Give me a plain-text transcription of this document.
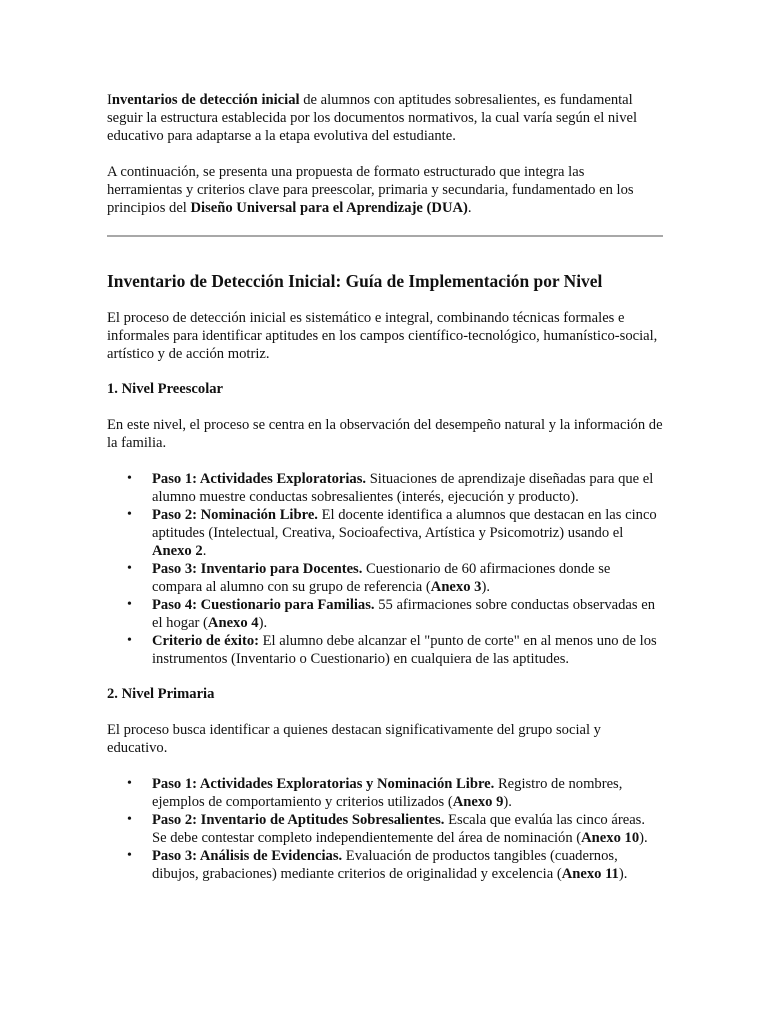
Inventarios de detección inicial de alumnos con aptitudes sobresalientes, es fundamental seguir la estructura establecida por los documentos normativos, la cual varía según el nivel educativo para adaptarse a la etapa evolutiva del estudiante.

A continuación, se presenta una propuesta de formato estructurado que integra las herramientas y criterios clave para preescolar, primaria y secundaria, fundamentado en los principios del Diseño Universal para el Aprendizaje (DUA).

Inventario de Detección Inicial: Guía de Implementación por Nivel

El proceso de detección inicial es sistemático e integral, combinando técnicas formales e informales para identificar aptitudes en los campos científico-tecnológico, humanístico-social, artístico y de acción motriz.

1. Nivel Preescolar

En este nivel, el proceso se centra en la observación del desempeño natural y la información de la familia.

• Paso 1: Actividades Exploratorias. Situaciones de aprendizaje diseñadas para que el alumno muestre conductas sobresalientes (interés, ejecución y producto).
• Paso 2: Nominación Libre. El docente identifica a alumnos que destacan en las cinco aptitudes (Intelectual, Creativa, Socioafectiva, Artística y Psicomotriz) usando el Anexo 2.
• Paso 3: Inventario para Docentes. Cuestionario de 60 afirmaciones donde se compara al alumno con su grupo de referencia (Anexo 3).
• Paso 4: Cuestionario para Familias. 55 afirmaciones sobre conductas observadas en el hogar (Anexo 4).
• Criterio de éxito: El alumno debe alcanzar el "punto de corte" en al menos uno de los instrumentos (Inventario o Cuestionario) en cualquiera de las aptitudes.
2. Nivel Primaria

El proceso busca identificar a quienes destacan significativamente del grupo social y educativo.

• Paso 1: Actividades Exploratorias y Nominación Libre. Registro de nombres, ejemplos de comportamiento y criterios utilizados (Anexo 9).
• Paso 2: Inventario de Aptitudes Sobresalientes. Escala que evalúa las cinco áreas. Se debe contestar completo independientemente del área de nominación (Anexo 10).
• Paso 3: Análisis de Evidencias. Evaluación de productos tangibles (cuadernos, dibujos, grabaciones) mediante criterios de originalidad y excelencia (Anexo 11).
